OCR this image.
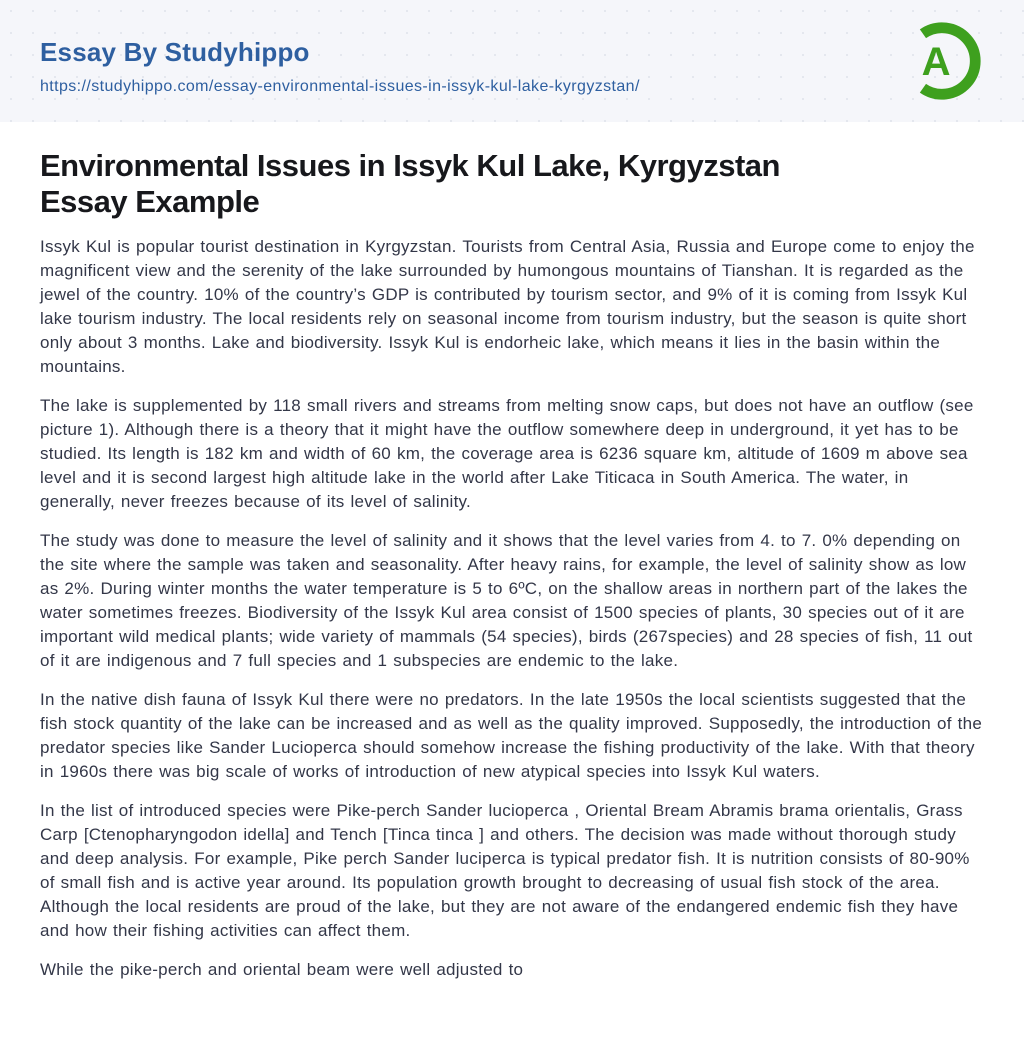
Essay By Studyhippo
https://studyhippo.com/essay-environmental-issues-in-issyk-kul-lake-kyrgyzstan/
A
Environmental Issues in Issyk Kul Lake, Kyrgyzstan Essay Example

Issyk Kul is popular tourist destination in Kyrgyzstan. Tourists from Central Asia, Russia and Europe come to enjoy the magnificent view and the serenity of the lake surrounded by humongous mountains of Tianshan. It is regarded as the jewel of the country. 10% of the country’s GDP is contributed by tourism sector, and 9% of it is coming from Issyk Kul lake tourism industry. The local residents rely on seasonal income from tourism industry, but the season is quite short only about 3 months. Lake and biodiversity. Issyk Kul is endorheic lake, which means it lies in the basin within the mountains.

The lake is supplemented by 118 small rivers and streams from melting snow caps, but does not have an outflow (see picture 1). Although there is a theory that it might have the outflow somewhere deep in underground, it yet has to be studied. Its length is 182 km and width of 60 km, the coverage area is 6236 square km, altitude of 1609 m above sea level and it is second largest high altitude lake in the world after Lake Titicaca in South America. The water, in generally, never freezes because of its level of salinity.

The study was done to measure the level of salinity and it shows that the level varies from 4. to 7. 0% depending on the site where the sample was taken and seasonality. After heavy rains, for example, the level of salinity show as low as 2%. During winter months the water temperature is 5 to 6ºC, on the shallow areas in northern part of the lakes the water sometimes freezes. Biodiversity of the Issyk Kul area consist of 1500 species of plants, 30 species out of it are important wild medical plants; wide variety of mammals (54 species), birds (267species) and 28 species of fish, 11 out of it are indigenous and 7 full species and 1 subspecies are endemic to the lake.

In the native dish fauna of Issyk Kul there were no predators. In the late 1950s the local scientists suggested that the fish stock quantity of the lake can be increased and as well as the quality improved. Supposedly, the introduction of the predator species like Sander Lucioperca should somehow increase the fishing productivity of the lake. With that theory in 1960s there was big scale of works of introduction of new atypical species into Issyk Kul waters.

In the list of introduced species were Pike-perch Sander lucioperca , Oriental Bream Abramis brama orientalis, Grass Carp [Ctenopharyngodon idella] and Tench [Tinca tinca ] and others. The decision was made without thorough study and deep analysis. For example, Pike perch Sander luciperca is typical predator fish. It is nutrition consists of 80-90% of small fish and is active year around. Its population growth brought to decreasing of usual fish stock of the area. Although the local residents are proud of the lake, but they are not aware of the endangered endemic fish they have and how their fishing activities can affect them.

While the pike-perch and oriental beam were well adjusted to
